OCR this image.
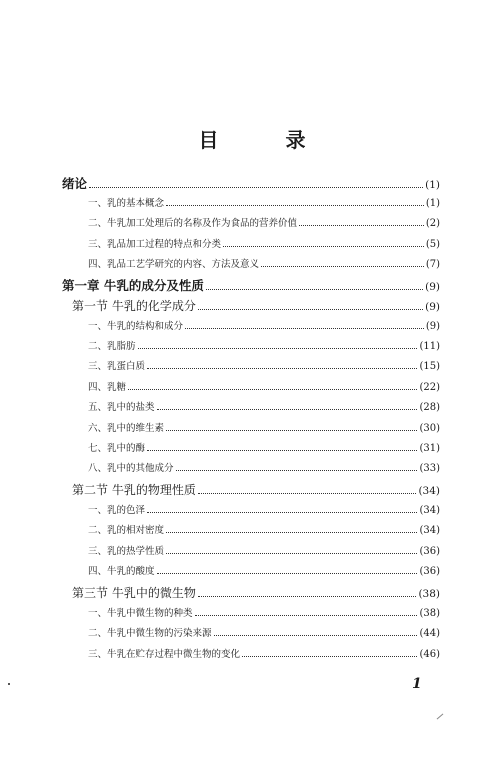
目 录
绪论	(1)
一、乳的基本概念	(1)
二、牛乳加工处理后的名称及作为食品的营养价值	(2)
三、乳品加工过程的特点和分类	(5)
四、乳品工艺学研究的内容、方法及意义	(7)
第一章 牛乳的成分及性质	(9)
第一节 牛乳的化学成分	(9)
一、牛乳的结构和成分	(9)
二、乳脂肪	(11)
三、乳蛋白质	(15)
四、乳糖	(22)
五、乳中的盐类	(28)
六、乳中的维生素	(30)
七、乳中的酶	(31)
八、乳中的其他成分	(33)
第二节 牛乳的物理性质	(34)
一、乳的色泽	(34)
二、乳的相对密度	(34)
三、乳的热学性质	(36)
四、牛乳的酸度	(36)
第三节 牛乳中的微生物	(38)
一、牛乳中微生物的种类	(38)
二、牛乳中微生物的污染来源	(44)
三、牛乳在贮存过程中微生物的变化	(46)
1
